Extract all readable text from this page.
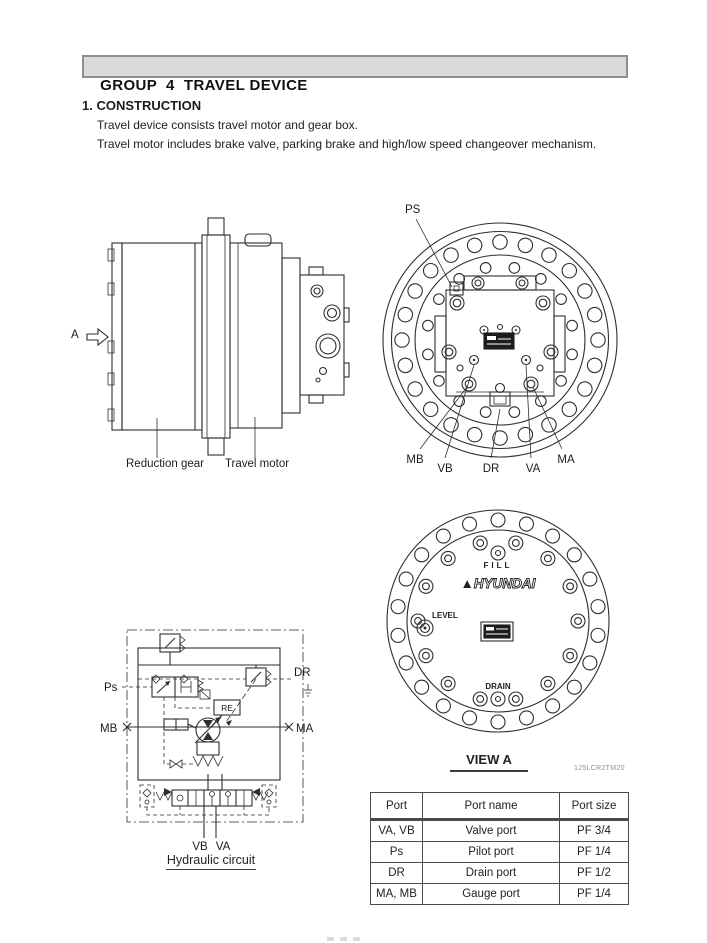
GROUP  4  TRAVEL DEVICE

1. CONSTRUCTION
Travel device consists travel motor and gear box.
Travel motor includes brake valve, parking brake and high/low speed changeover mechanism.
A
Reduction gear	Travel motor
PS
MB
VB	DR VA
MA
FILL
▲HYUNDAI
LEVEL
DRAIN
VIEW A
125LCR2TM20
Ps
DR
MB	MA
RE
VB VA
Hydraulic circuit
Port	Port name	Port size
VA, VB	Valve port	PF 3/4
Ps	Pilot port	PF 1/4
DR	Drain port	PF 1/2
MA, MB	Gauge port	PF 1/4
